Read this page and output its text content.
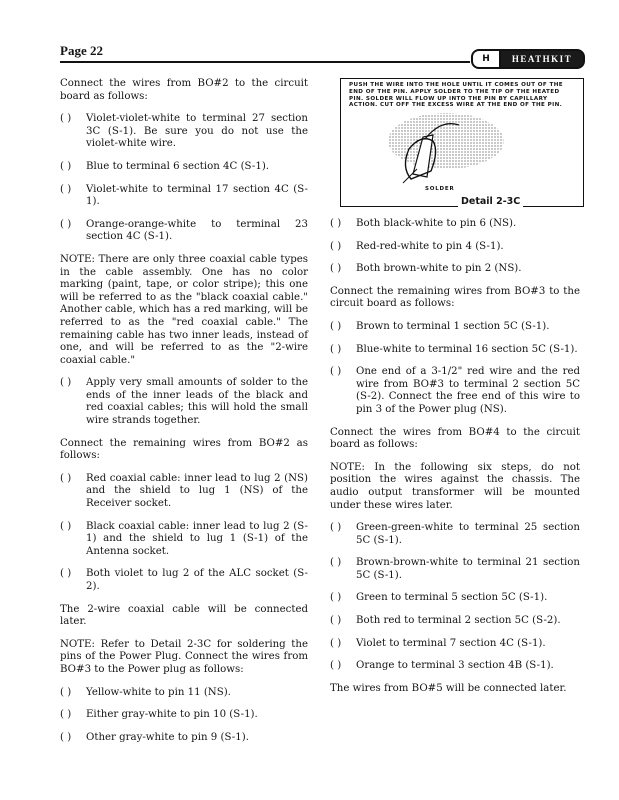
Page 22
H	HEATHKIT

Connect the wires from BO#2 to the circuit board as follows:

( )	Violet-violet-white to terminal 27 section 3C (S-1). Be sure you do not use the violet-white wire.
( )	Blue to terminal 6 section 4C (S-1).
( )	Violet-white to terminal 17 section 4C (S-1).
( )	Orange-orange-white to terminal 23 section 4C (S-1).

NOTE: There are only three coaxial cable types in the cable assembly. One has no color marking (paint, tape, or color stripe); this one will be referred to as the "black coaxial cable." Another cable, which has a red marking, will be referred to as the "red coaxial cable." The remaining cable has two inner leads, instead of one, and will be referred to as the "2-wire coaxial cable."

( )	Apply very small amounts of solder to the ends of the inner leads of the black and red coaxial cables; this will hold the small wire strands together.

Connect the remaining wires from BO#2 as follows:

( )	Red coaxial cable: inner lead to lug 2 (NS) and the shield to lug 1 (NS) of the Receiver socket.
( )	Black coaxial cable: inner lead to lug 2 (S-1) and the shield to lug 1 (S-1) of the Antenna socket.
( )	Both violet to lug 2 of the ALC socket (S-2).

The 2-wire coaxial cable will be connected later.

NOTE: Refer to Detail 2-3C for soldering the pins of the Power Plug. Connect the wires from BO#3 to the Power plug as follows:

( )	Yellow-white to pin 11 (NS).
( )	Either gray-white to pin 10 (S-1).
( )	Other gray-white to pin 9 (S-1).
PUSH THE WIRE INTO THE HOLE UNTIL IT COMES OUT OF THE END OF THE PIN. APPLY SOLDER TO THE TIP OF THE HEATED PIN. SOLDER WILL FLOW UP INTO THE PIN BY CAPILLARY ACTION. CUT OFF THE EXCESS WIRE AT THE END OF THE PIN.
SOLDER
Detail 2-3C
( )	Both black-white to pin 6 (NS).
( )	Red-red-white to pin 4 (S-1).
( )	Both brown-white to pin 2 (NS).

Connect the remaining wires from BO#3 to the circuit board as follows:

( )	Brown to terminal 1 section 5C (S-1).
( )	Blue-white to terminal 16 section 5C (S-1).
( )	One end of a 3-1/2" red wire and the red wire from BO#3 to terminal 2 section 5C (S-2). Connect the free end of this wire to pin 3 of the Power plug (NS).

Connect the wires from BO#4 to the circuit board as follows:

NOTE: In the following six steps, do not position the wires against the chassis. The audio output transformer will be mounted under these wires later.

( )	Green-green-white to terminal 25 section 5C (S-1).
( )	Brown-brown-white to terminal 21 section 5C (S-1).
( )	Green to terminal 5 section 5C (S-1).
( )	Both red to terminal 2 section 5C (S-2).
( )	Violet to terminal 7 section 4C (S-1).
( )	Orange to terminal 3 section 4B (S-1).

The wires from BO#5 will be connected later.
